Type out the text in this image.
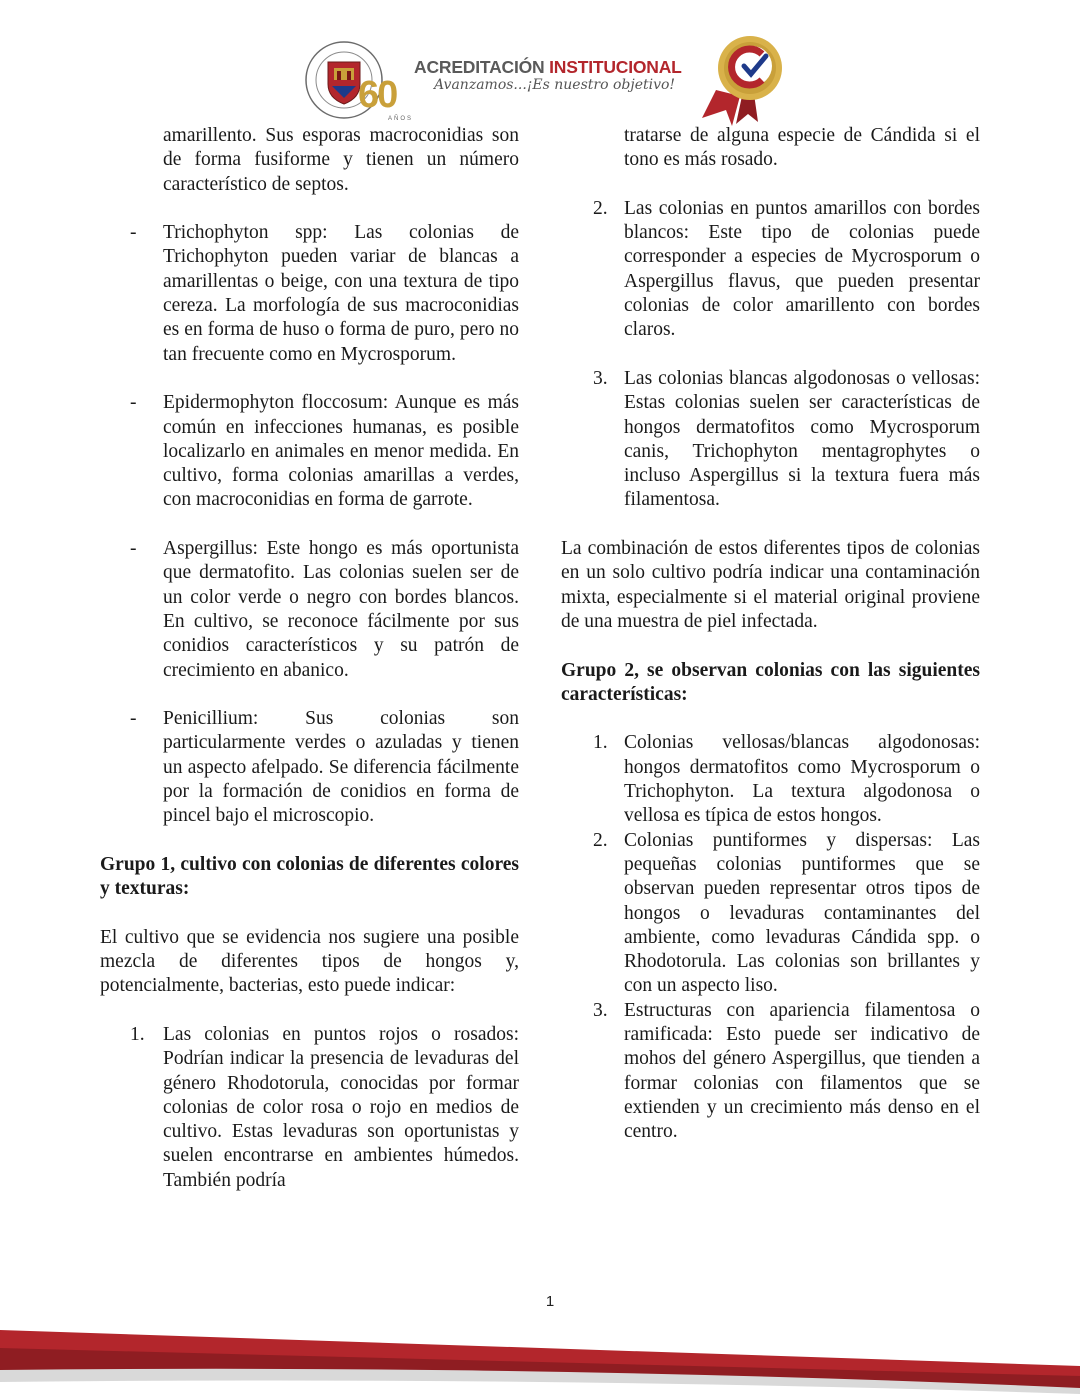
60
AÑOS
ACREDITACIÓN INSTITUCIONAL
Avanzamos...¡Es nuestro objetivo!

amarillento. Sus esporas macroconidias son de forma fusiforme y tienen un número característico de septos.

- Trichophyton spp: Las colonias de Trichophyton pueden variar de blancas a amarillentas o beige, con una textura de tipo cereza. La morfología de sus macroconidias es en forma de huso o forma de puro, pero no tan frecuente como en Mycrosporum.

- Epidermophyton floccosum: Aunque es más común en infecciones humanas, es posible localizarlo en animales en menor medida. En cultivo, forma colonias amarillas a verdes, con macroconidias en forma de garrote.

- Aspergillus: Este hongo es más oportunista que dermatofito. Las colonias suelen ser de un color verde o negro con bordes blancos. En cultivo, se reconoce fácilmente por sus conidios característicos y su patrón de crecimiento en abanico.

- Penicillium: Sus colonias son particularmente verdes o azuladas y tienen un aspecto afelpado. Se diferencia fácilmente por la formación de conidios en forma de pincel bajo el microscopio.

Grupo 1, cultivo con colonias de diferentes colores y texturas:

El cultivo que se evidencia nos sugiere una posible mezcla de diferentes tipos de hongos y, potencialmente, bacterias, esto puede indicar:

1. Las colonias en puntos rojos o rosados: Podrían indicar la presencia de levaduras del género Rhodotorula, conocidas por formar colonias de color rosa o rojo en medios de cultivo. Estas levaduras son oportunistas y suelen encontrarse en ambientes húmedos. También podría

tratarse de alguna especie de Cándida si el tono es más rosado.

2. Las colonias en puntos amarillos con bordes blancos: Este tipo de colonias puede corresponder a especies de Mycrosporum o Aspergillus flavus, que pueden presentar colonias de color amarillento con bordes claros.

3. Las colonias blancas algodonosas o vellosas: Estas colonias suelen ser características de hongos dermatofitos como Mycrosporum canis, Trichophyton mentagrophytes o incluso Aspergillus si la textura fuera más filamentosa.

La combinación de estos diferentes tipos de colonias en un solo cultivo podría indicar una contaminación mixta, especialmente si el material original proviene de una muestra de piel infectada.

Grupo 2, se observan colonias con las siguientes características:

1. Colonias vellosas/blancas algodonosas: hongos dermatofitos como Mycrosporum o Trichophyton. La textura algodonosa o vellosa es típica de estos hongos.

2. Colonias puntiformes y dispersas: Las pequeñas colonias puntiformes que se observan pueden representar otros tipos de hongos o levaduras contaminantes del ambiente, como levaduras Cándida spp. o Rhodotorula. Las colonias son brillantes y con un aspecto liso.

3. Estructuras con apariencia filamentosa o ramificada: Esto puede ser indicativo de mohos del género Aspergillus, que tienden a formar colonias con filamentos que se extienden y un crecimiento más denso en el centro.

1
